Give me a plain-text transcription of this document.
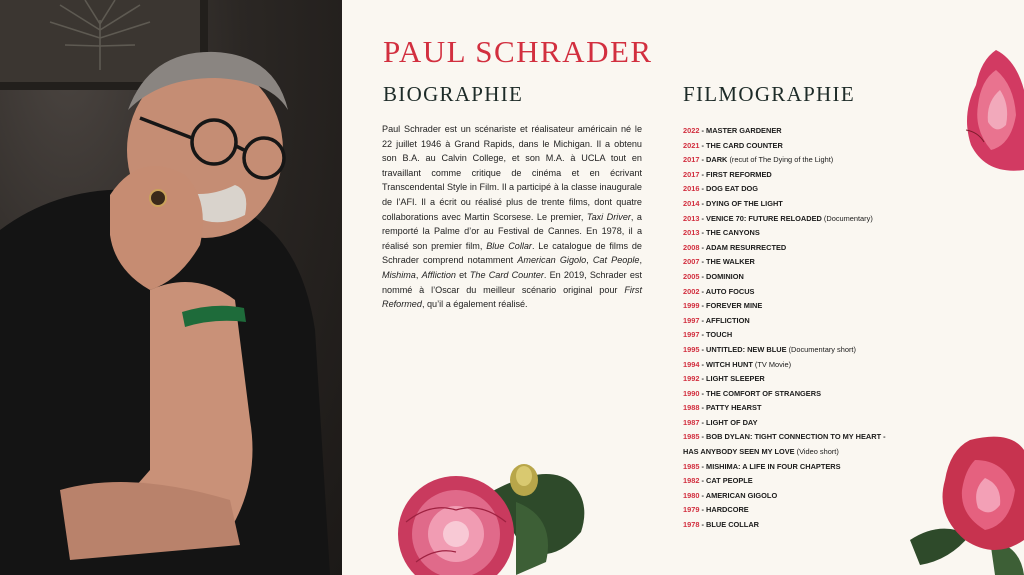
PAUL SCHRADER
BIOGRAPHIE

Paul Schrader est un scénariste et réalisateur américain né le 22 juillet 1946 à Grand Rapids, dans le Michigan. Il a obtenu son B.A. au Calvin College, et son M.A. à UCLA tout en travaillant comme critique de cinéma et en écrivant Transcendental Style in Film. Il a participé à la classe inaugurale de l’AFI. Il a écrit ou réalisé plus de trente films, dont quatre collaborations avec Martin Scorsese. Le premier, Taxi Driver, a remporté la Palme d’or au Festival de Cannes. En 1978, il a réalisé son premier film, Blue Collar. Le catalogue de films de Schrader comprend notamment American Gigolo, Cat People, Mishima, Affliction et The Card Counter. En 2019, Schrader est nommé à l’Oscar du meilleur scénario original pour First Reformed, qu’il a également réalisé.

FILMOGRAPHIE
2022 - MASTER GARDENER
2021 - THE CARD COUNTER
2017 - DARK (recut of The Dying of the Light)
2017 - FIRST REFORMED
2016 - DOG EAT DOG
2014 - DYING OF THE LIGHT
2013 - VENICE 70: FUTURE RELOADED (Documentary)
2013 - THE CANYONS
2008 - ADAM RESURRECTED
2007 - THE WALKER
2005 - DOMINION
2002 - AUTO FOCUS
1999 - FOREVER MINE
1997 - AFFLICTION
1997 - TOUCH
1995 - UNTITLED: NEW BLUE (Documentary short)
1994 - WITCH HUNT (TV Movie)
1992 - LIGHT SLEEPER
1990 - THE COMFORT OF STRANGERS
1988 - PATTY HEARST
1987 - LIGHT OF DAY
1985 - BOB DYLAN: TIGHT CONNECTION TO MY HEART -
HAS ANYBODY SEEN MY LOVE (Video short)
1985 - MISHIMA: A LIFE IN FOUR CHAPTERS
1982 - CAT PEOPLE
1980 - AMERICAN GIGOLO
1979 - HARDCORE
1978 - BLUE COLLAR
